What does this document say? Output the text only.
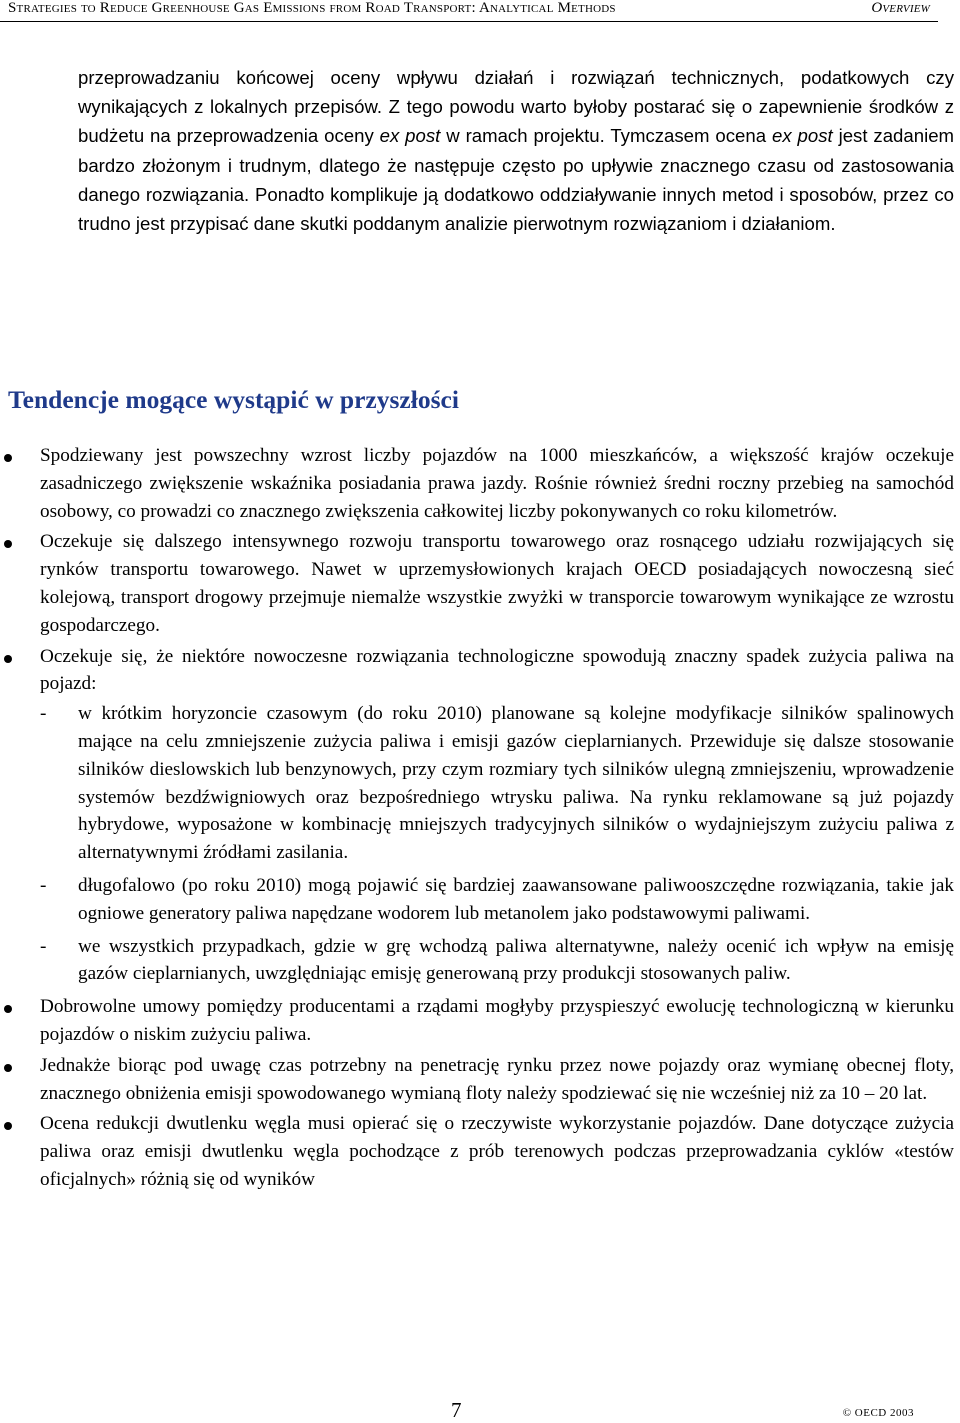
Strategies to Reduce Greenhouse Gas Emissions from Road Transport: Analytical Methods	Overview

przeprowadzaniu końcowej oceny wpływu działań i rozwiązań technicznych, podatkowych czy wynikających z lokalnych przepisów. Z tego powodu warto byłoby postarać się o zapewnienie środków z budżetu na przeprowadzenia oceny ex post w ramach projektu. Tymczasem ocena ex post jest zadaniem bardzo złożonym i trudnym, dlatego że następuje często po upływie znacznego czasu od zastosowania danego rozwiązania. Ponadto komplikuje ją dodatkowo oddziaływanie innych metod i sposobów, przez co trudno jest przypisać dane skutki poddanym analizie pierwotnym rozwiązaniom i działaniom.

Tendencje mogące wystąpić w przyszłości
Spodziewany jest powszechny wzrost liczby pojazdów na 1000 mieszkańców, a większość krajów oczekuje zasadniczego zwiększenie wskaźnika posiadania prawa jazdy. Rośnie również średni roczny przebieg na samochód osobowy, co prowadzi co znacznego zwiększenia całkowitej liczby pokonywanych co roku kilometrów.
Oczekuje się dalszego intensywnego rozwoju transportu towarowego oraz rosnącego udziału rozwijających się rynków transportu towarowego. Nawet w uprzemysłowionych krajach OECD posiadających nowoczesną sieć kolejową, transport drogowy przejmuje niemalże wszystkie zwyżki w transporcie towarowym wynikające ze wzrostu gospodarczego.
Oczekuje się, że niektóre nowoczesne rozwiązania technologiczne spowodują znaczny spadek zużycia paliwa na pojazd:
- w krótkim horyzoncie czasowym (do roku 2010) planowane są kolejne modyfikacje silników spalinowych mające na celu zmniejszenie zużycia paliwa i emisji gazów cieplarnianych. Przewiduje się dalsze stosowanie silników dieslowskich lub benzynowych, przy czym rozmiary tych silników ulegną zmniejszeniu, wprowadzenie systemów bezdźwigniowych oraz bezpośredniego wtrysku paliwa. Na rynku reklamowane są już pojazdy hybrydowe, wyposażone w kombinację mniejszych tradycyjnych silników o wydajniejszym zużyciu paliwa z alternatywnymi źródłami zasilania.
- długofalowo (po roku 2010) mogą pojawić się bardziej zaawansowane paliwooszczędne rozwiązania, takie jak ogniowe generatory paliwa napędzane wodorem lub metanolem jako podstawowymi paliwami.
- we wszystkich przypadkach, gdzie w grę wchodzą paliwa alternatywne, należy ocenić ich wpływ na emisję gazów cieplarnianych, uwzględniając emisję generowaną przy produkcji stosowanych paliw.
Dobrowolne umowy pomiędzy producentami a rządami mogłyby przyspieszyć ewolucję technologiczną w kierunku pojazdów o niskim zużyciu paliwa.
Jednakże biorąc pod uwagę czas potrzebny na penetrację rynku przez nowe pojazdy oraz wymianę obecnej floty, znacznego obniżenia emisji spowodowanego wymianą floty należy spodziewać się nie wcześniej niż za 10 – 20 lat.
Ocena redukcji dwutlenku węgla musi opierać się o rzeczywiste wykorzystanie pojazdów. Dane dotyczące zużycia paliwa oraz emisji dwutlenku węgla pochodzące z prób terenowych podczas przeprowadzania cyklów «testów oficjalnych» różnią się od wyników
7	© OECD 2003
